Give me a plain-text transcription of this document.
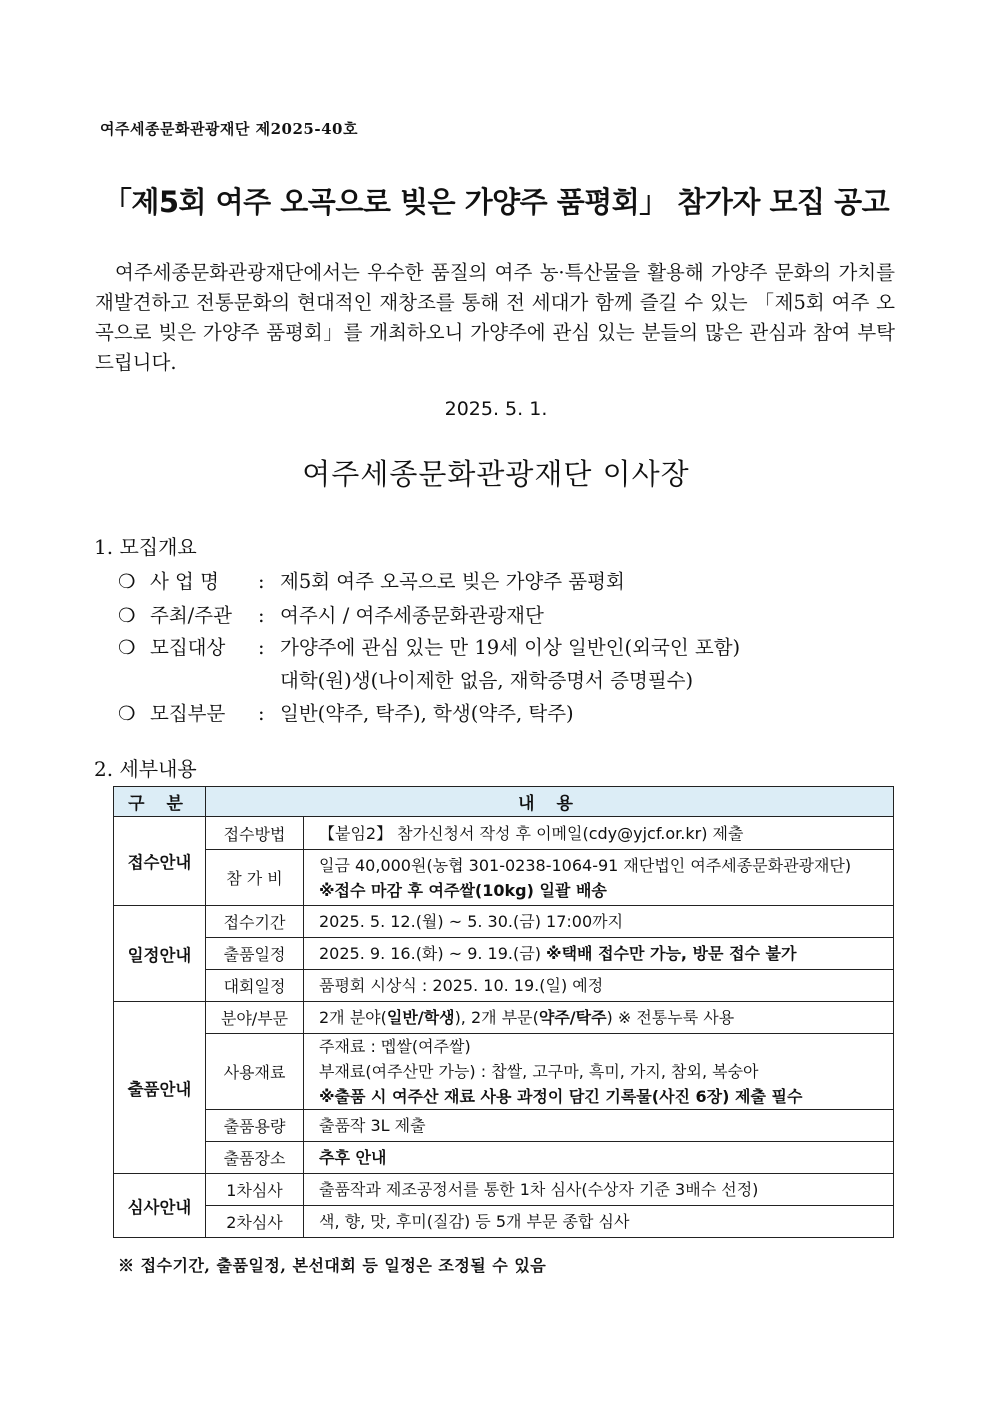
여주세종문화관광재단 제2025-40호
「제5회 여주 오곡으로 빚은 가양주 품평회」 참가자 모집 공고
여주세종문화관광재단에서는 우수한 품질의 여주 농·특산물을 활용해 가양주 문화의 가치를 재발견하고 전통문화의 현대적인 재창조를 통해 전 세대가 함께 즐길 수 있는 「제5회 여주 오곡으로 빚은 가양주 품평회」를 개최하오니 가양주에 관심 있는 분들의 많은 관심과 참여 부탁드립니다.
2025. 5. 1.
여주세종문화관광재단 이사장
1. 모집개요
❍ 사 업 명 : 제5회 여주 오곡으로 빚은 가양주 품평회
❍ 주최/주관 : 여주시 / 여주세종문화관광재단
❍ 모집대상 : 가양주에 관심 있는 만 19세 이상 일반인(외국인 포함)
대학(원)생(나이제한 없음, 재학증명서 증명필수)
❍ 모집부문 : 일반(약주, 탁주), 학생(약주, 탁주)
2. 세부내용
구 분	내 용	
접수안내	접수방법	【붙임2】 참가신청서 작성 후 이메일(cdy@yjcf.or.kr) 제출
	참 가 비	일금 40,000원(농협 301-0238-1064-91 재단법인 여주세종문화관광재단)
※접수 마감 후 여주쌀(10kg) 일괄 배송

일정안내	접수기간	2025. 5. 12.(월) ~ 5. 30.(금) 17:00까지
	출품일정	2025. 9. 16.(화) ~ 9. 19.(금) ※택배 접수만 가능, 방문 접수 불가
	대회일정	품평회 시상식 : 2025. 10. 19.(일) 예정
출품안내	분야/부문	2개 분야(일반/학생), 2개 부문(약주/탁주) ※ 전통누룩 사용
	사용재료	주재료 : 멥쌀(여주쌀)
부재료(여주산만 가능) : 찹쌀, 고구마, 흑미, 가지, 참외, 복숭아
※출품 시 여주산 재료 사용 과정이 담긴 기록물(사진 6장) 제출 필수

	출품용량	출품작 3L 제출
	출품장소	추후 안내
심사안내	1차심사	출품작과 제조공정서를 통한 1차 심사(수상자 기준 3배수 선정)
	2차심사	색, 향, 맛, 후미(질감) 등 5개 부문 종합 심사
※ 접수기간, 출품일정, 본선대회 등 일정은 조정될 수 있음
